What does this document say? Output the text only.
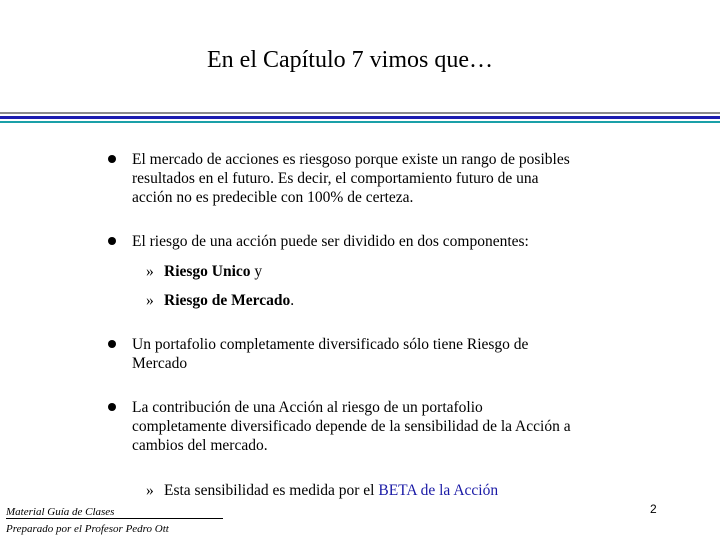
En el Capítulo 7 vimos que…
El mercado de acciones es riesgoso porque existe un rango de posibles
resultados en el futuro. Es decir, el comportamiento futuro de una
acción no es predecible con 100% de certeza.
El riesgo de una acción puede ser dividido en dos componentes:
» Riesgo Unico y
» Riesgo de Mercado.
Un portafolio completamente diversificado sólo tiene Riesgo de
Mercado
La contribución de una Acción al riesgo de un portafolio
completamente diversificado depende de la sensibilidad de la Acción a
cambios del mercado.
» Esta sensibilidad es medida por el BETA de la Acción
Material Guía de Clases
Preparado por el Profesor Pedro Ott
2
